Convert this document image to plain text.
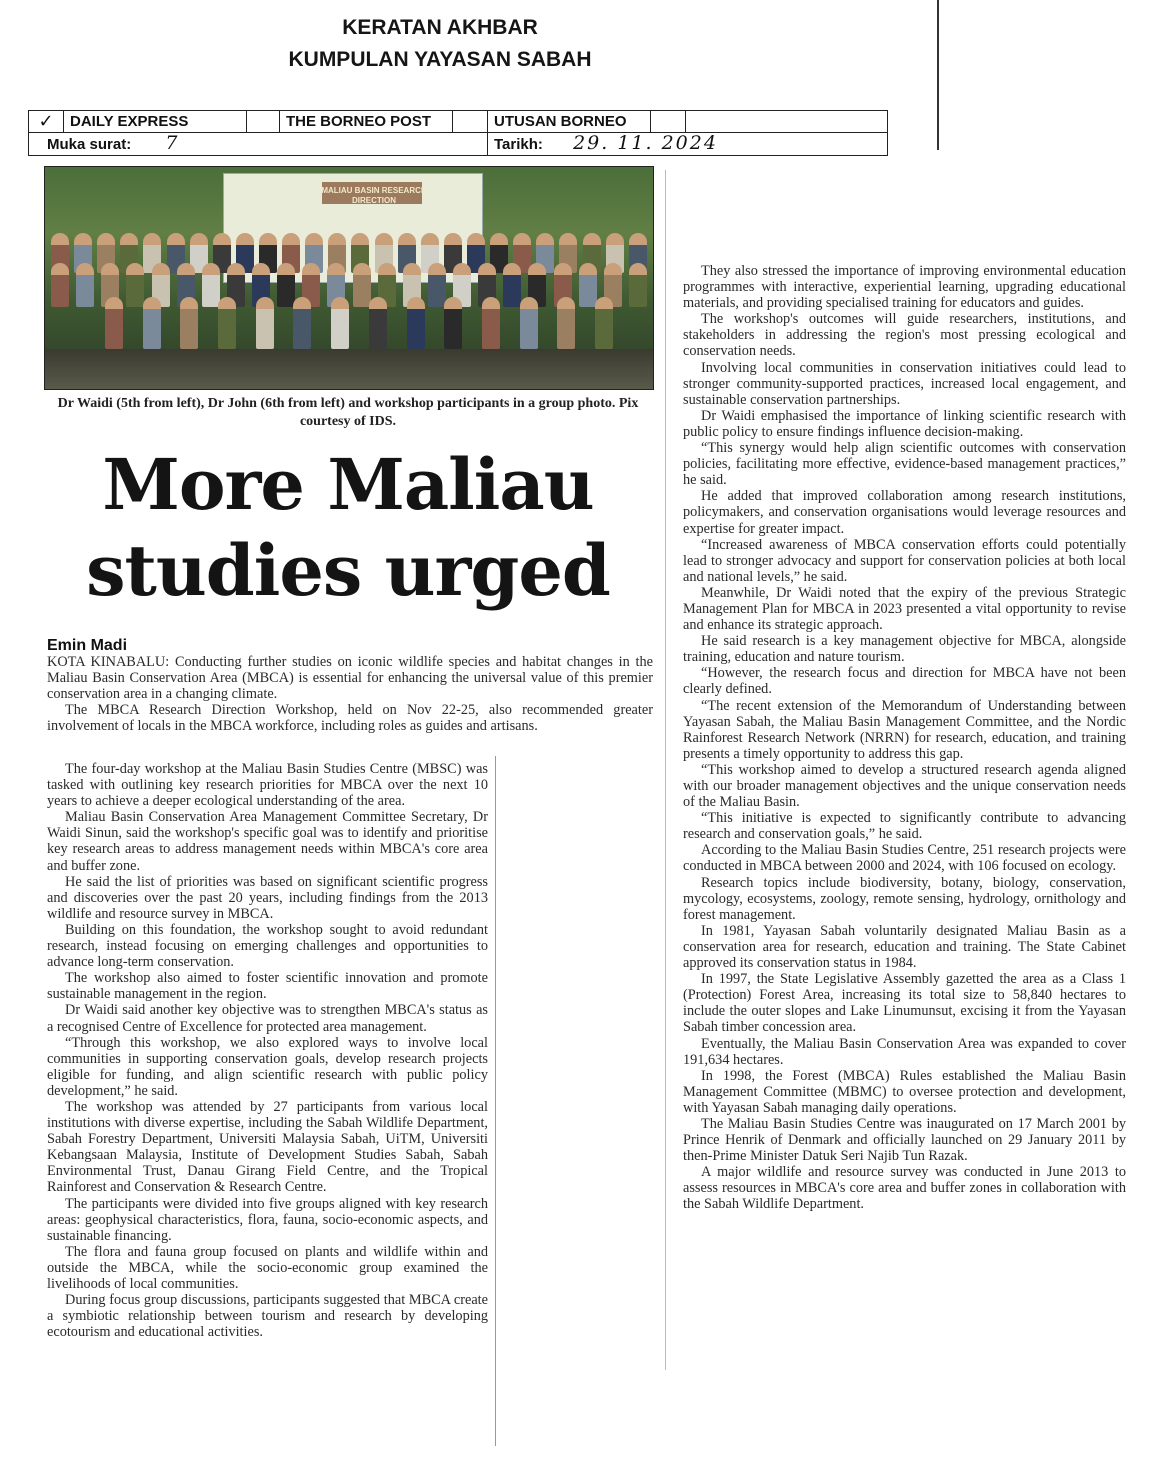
KERATAN AKHBAR
KUMPULAN YAYASAN SABAH
✓	DAILY EXPRESS		THE BORNEO POST		UTUSAN BORNEO		
Muka surat: 7					Tarikh: 29. 11. 2024		
MALIAU BASIN RESEARCH DIRECTION
Dr Waidi (5th from left), Dr John (6th from left) and workshop participants in a group photo. Pix courtesy of IDS.
More Maliau studies urged
Emin Madi

KOTA KINABALU: Conducting further studies on iconic wildlife species and habitat changes in the Maliau Basin Conservation Area (MBCA) is essential for enhancing the universal value of this premier conservation area in a changing climate.

The MBCA Research Direction Workshop, held on Nov 22-25, also recommended greater involvement of locals in the MBCA workforce, including roles as guides and artisans.

The four-day workshop at the Maliau Basin Studies Centre (MBSC) was tasked with outlining key research priorities for MBCA over the next 10 years to achieve a deeper ecological understanding of the area.

Maliau Basin Conservation Area Management Committee Secretary, Dr Waidi Sinun, said the workshop's specific goal was to identify and prioritise key research areas to address management needs within MBCA's core area and buffer zone.

He said the list of priorities was based on significant scientific progress and discoveries over the past 20 years, including findings from the 2013 wildlife and resource survey in MBCA.

Building on this foundation, the workshop sought to avoid redundant research, instead focusing on emerging challenges and opportunities to advance long-term conservation.

The workshop also aimed to foster scientific innovation and promote sustainable management in the region.

Dr Waidi said another key objective was to strengthen MBCA's status as a recognised Centre of Excellence for protected area management.

“Through this workshop, we also explored ways to involve local communities in supporting conservation goals, develop research projects eligible for funding, and align scientific research with public policy development,” he said.

The workshop was attended by 27 participants from various local institutions with diverse expertise, including the Sabah Wildlife Department, Sabah Forestry Department, Universiti Malaysia Sabah, UiTM, Universiti Kebangsaan Malaysia, Institute of Development Studies Sabah, Sabah Environmental Trust, Danau Girang Field Centre, and the Tropical Rainforest and Conservation & Research Centre.

The participants were divided into five groups aligned with key research areas: geophysical characteristics, flora, fauna, socio-economic aspects, and sustainable financing.

The flora and fauna group focused on plants and wildlife within and outside the MBCA, while the socio-economic group examined the livelihoods of local communities.

During focus group discussions, participants suggested that MBCA create a symbiotic relationship between tourism and research by developing ecotourism and educational activities.

They also stressed the importance of improving environmental education programmes with interactive, experiential learning, upgrading educational materials, and providing specialised training for educators and guides.

The workshop's outcomes will guide researchers, institutions, and stakeholders in addressing the region's most pressing ecological and conservation needs.

Involving local communities in conservation initiatives could lead to stronger community-supported practices, increased local engagement, and sustainable conservation partnerships.

Dr Waidi emphasised the importance of linking scientific research with public policy to ensure findings influence decision-making.

“This synergy would help align scientific outcomes with conservation policies, facilitating more effective, evidence-based management practices,” he said.

He added that improved collaboration among research institutions, policymakers, and conservation organisations would leverage resources and expertise for greater impact.

“Increased awareness of MBCA conservation efforts could potentially lead to stronger advocacy and support for conservation policies at both local and national levels,” he said.

Meanwhile, Dr Waidi noted that the expiry of the previous Strategic Management Plan for MBCA in 2023 presented a vital opportunity to revise and enhance its strategic approach.

He said research is a key management objective for MBCA, alongside training, education and nature tourism.

“However, the research focus and direction for MBCA have not been clearly defined.

“The recent extension of the Memorandum of Understanding between Yayasan Sabah, the Maliau Basin Management Committee, and the Nordic Rainforest Research Network (NRRN) for research, education, and training presents a timely opportunity to address this gap.

“This workshop aimed to develop a structured research agenda aligned with our broader management objectives and the unique conservation needs of the Maliau Basin.

“This initiative is expected to significantly contribute to advancing research and conservation goals,” he said.

According to the Maliau Basin Studies Centre, 251 research projects were conducted in MBCA between 2000 and 2024, with 106 focused on ecology.

Research topics include biodiversity, botany, biology, conservation, mycology, ecosystems, zoology, remote sensing, hydrology, ornithology and forest management.

In 1981, Yayasan Sabah voluntarily designated Maliau Basin as a conservation area for research, education and training. The State Cabinet approved its conservation status in 1984.

In 1997, the State Legislative Assembly gazetted the area as a Class 1 (Protection) Forest Area, increasing its total size to 58,840 hectares to include the outer slopes and Lake Linumunsut, excising it from the Yayasan Sabah timber concession area.

Eventually, the Maliau Basin Conservation Area was expanded to cover 191,634 hectares.

In 1998, the Forest (MBCA) Rules established the Maliau Basin Management Committee (MBMC) to oversee protection and development, with Yayasan Sabah managing daily operations.

The Maliau Basin Studies Centre was inaugurated on 17 March 2001 by Prince Henrik of Denmark and officially launched on 29 January 2011 by then-Prime Minister Datuk Seri Najib Tun Razak.

A major wildlife and resource survey was conducted in June 2013 to assess resources in MBCA's core area and buffer zones in collaboration with the Sabah Wildlife Department.
